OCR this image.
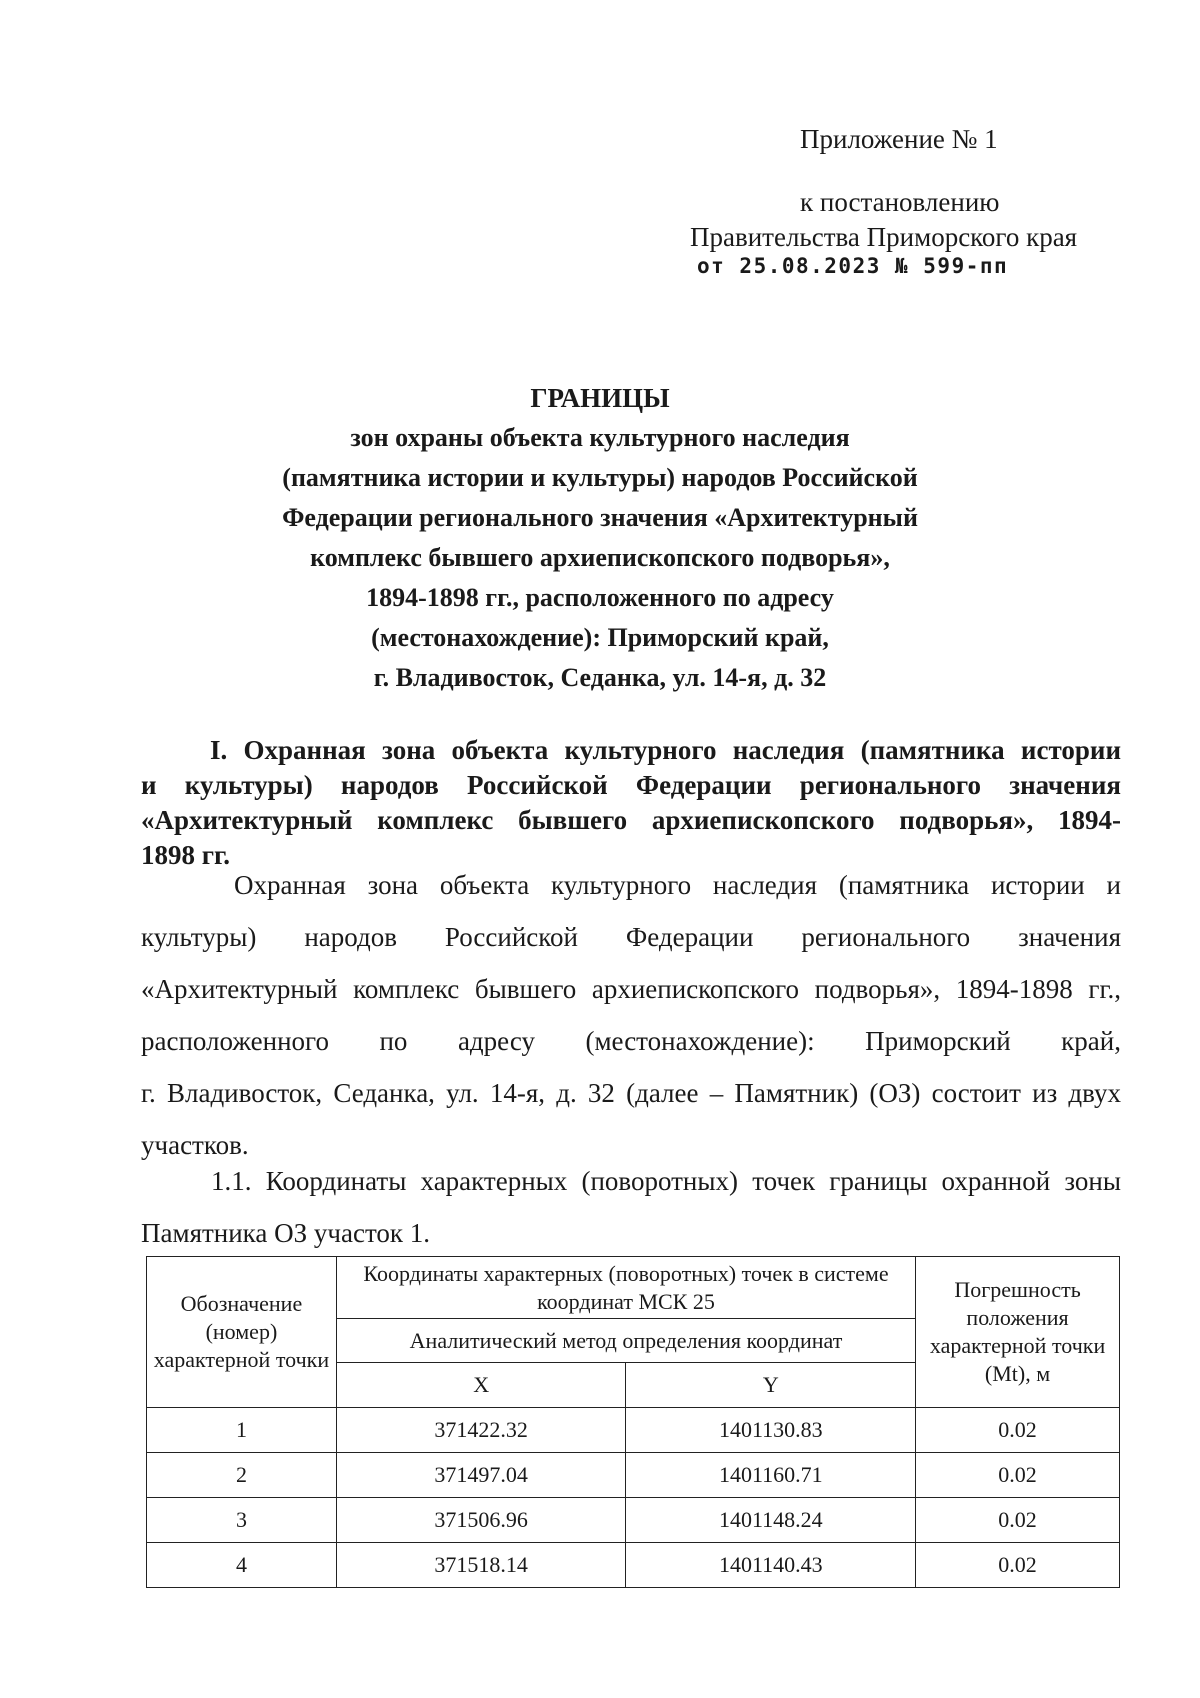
Приложение № 1
к постановлению
Правительства Приморского края
от 25.08.2023 № 599-пп
ГРАНИЦЫ
зон охраны объекта культурного наследия
(памятника истории и культуры) народов Российской
Федерации регионального значения «Архитектурный
комплекс бывшего архиепископского подворья»,
1894-1898 гг., расположенного по адресу
(местонахождение): Приморский край,
г. Владивосток, Седанка, ул. 14-я, д. 32
I. Охранная зона объекта культурного наследия (памятника истории
и культуры) народов Российской Федерации регионального значения
«Архитектурный комплекс бывшего архиепископского подворья», 1894-
1898 гг.
Охранная зона объекта культурного наследия (памятника истории и
культуры) народов Российской Федерации регионального значения
«Архитектурный комплекс бывшего архиепископского подворья», 1894-1898 гг.,
расположенного по адресу (местонахождение): Приморский край,
г. Владивосток, Седанка, ул. 14-я, д. 32 (далее – Памятник) (ОЗ) состоит из двух
участков.
1.1. Координаты характерных (поворотных) точек границы охранной зоны
Памятника ОЗ участок 1.
Обозначение (номер) характерной точки	Координаты характерных (поворотных) точек в системе координат МСК 25		Погрешность положения характерной точки (Mt), м
	Аналитический метод определения координат		
	X	Y	
1	371422.32	1401130.83	0.02
2	371497.04	1401160.71	0.02
3	371506.96	1401148.24	0.02
4	371518.14	1401140.43	0.02
